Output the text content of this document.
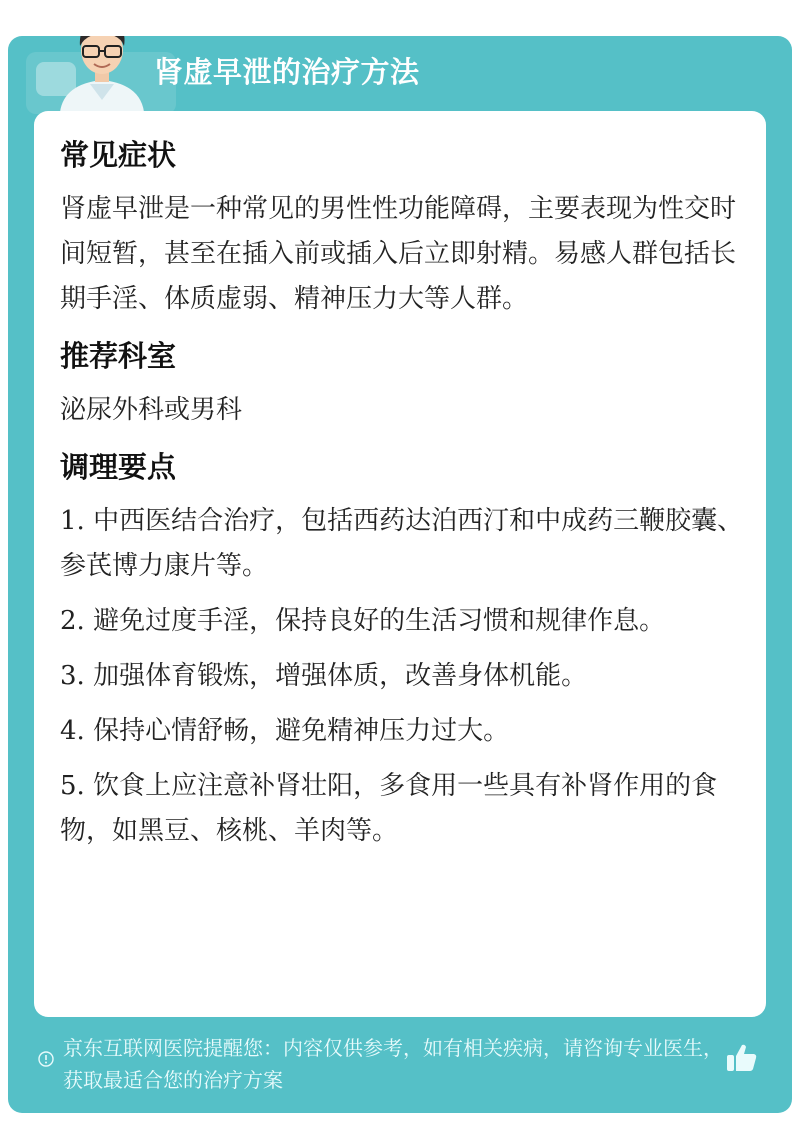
肾虚早泄的治疗方法
常见症状

肾虚早泄是一种常见的男性性功能障碍，主要表现为性交时间短暂，甚至在插入前或插入后立即射精。易感人群包括长期手淫、体质虚弱、精神压力大等人群。

推荐科室

泌尿外科或男科

调理要点
1. 中西医结合治疗，包括西药达泊西汀和中成药三鞭胶囊、参芪博力康片等。
2. 避免过度手淫，保持良好的生活习惯和规律作息。
3. 加强体育锻炼，增强体质，改善身体机能。
4. 保持心情舒畅，避免精神压力过大。
5. 饮食上应注意补肾壮阳，多食用一些具有补肾作用的食物，如黑豆、核桃、羊肉等。
京东互联网医院提醒您：内容仅供参考，如有相关疾病，请咨询专业医生，获取最适合您的治疗方案
